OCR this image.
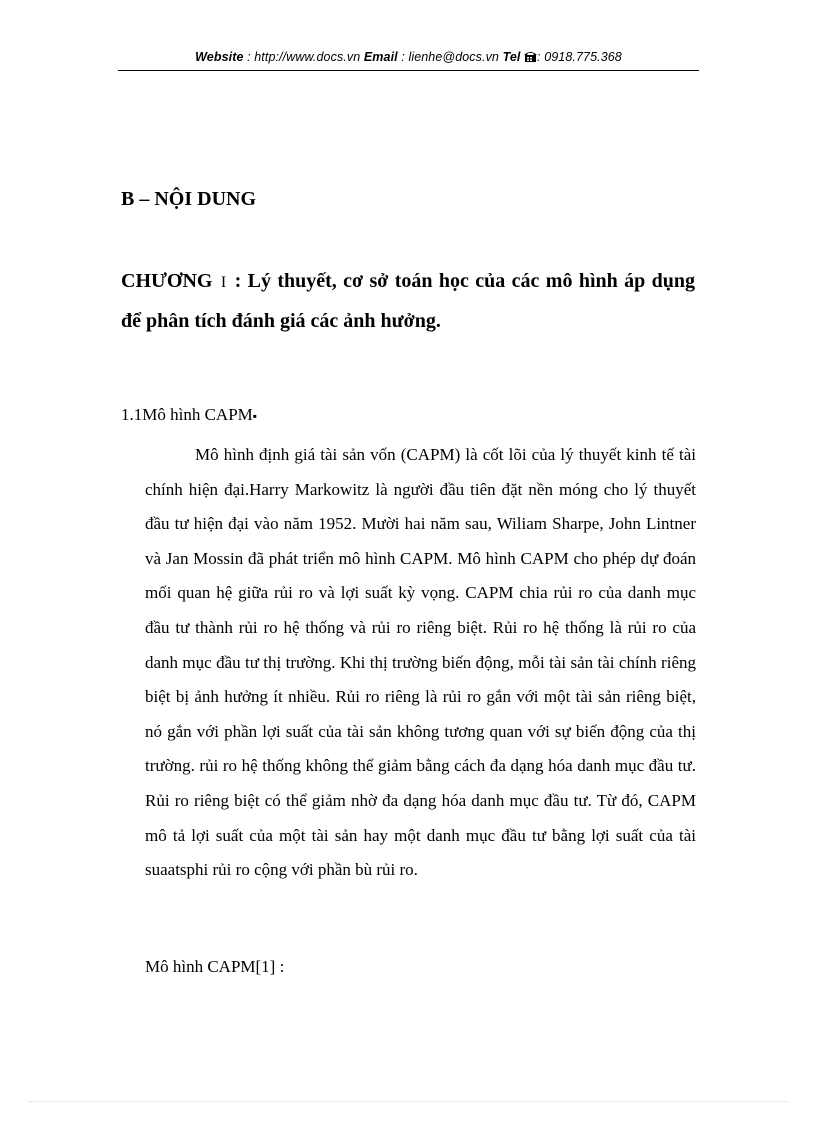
Website : http://www.docs.vn Email : lienhe@docs.vn Tel : 0918.775.368
B – NỘI DUNG
CHƯƠNG I : Lý thuyết, cơ sở toán học của các mô hình áp dụng để phân tích đánh giá các ảnh hưởng.
1.1Mô hình CAPM▪

Mô hình định giá tài sản vốn (CAPM) là cốt lõi của lý thuyết kinh tế tài chính hiện đại.Harry Markowitz là người đầu tiên đặt nền móng cho lý thuyết đầu tư hiện đại vào năm 1952. Mười hai năm sau, Wiliam Sharpe, John Lintner và Jan Mossin đã phát triển mô hình CAPM. Mô hình CAPM cho phép dự đoán mối quan hệ giữa rủi ro và lợi suất kỳ vọng. CAPM chia rủi ro của danh mục đầu tư thành rủi ro hệ thống và rủi ro riêng biệt. Rủi ro hệ thống là rủi ro của danh mục đầu tư thị trường. Khi thị trường biến động, mỗi tài sản tài chính riêng biệt bị ảnh hưởng ít nhiều. Rủi ro riêng là rủi ro gắn với một tài sản riêng biệt, nó gắn với phần lợi suất của tài sản không tương quan với sự biến động của thị trường. rủi ro hệ thống không thể giảm bằng cách đa dạng hóa danh mục đầu tư. Rủi ro riêng biệt có thể giảm nhờ đa dạng hóa danh mục đầu tư. Từ đó, CAPM mô tả lợi suất của một tài sản hay một danh mục đầu tư bằng lợi suất của tài suaatsphi rủi ro cộng với phần bù rủi ro.

Mô hình CAPM[1] :
